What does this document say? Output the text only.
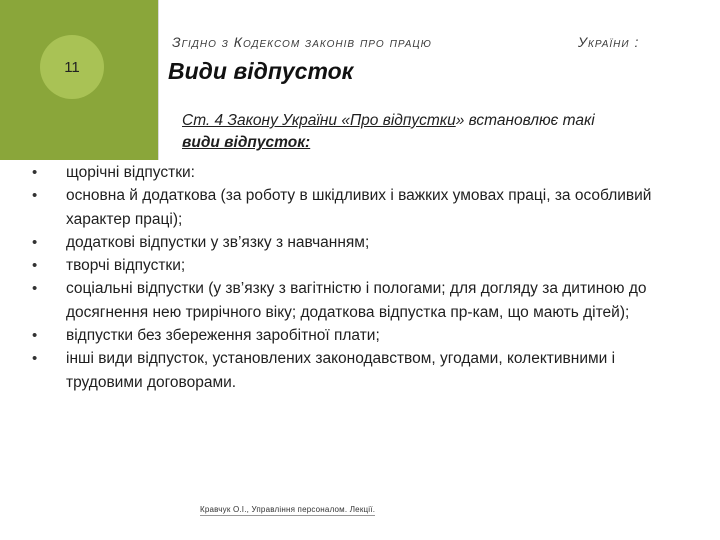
11
Згідно з Кодексом законів про працю	України :
Види відпусток
Ст. 4 Закону України «Про відпустки» встановлює такі
види відпусток:
• щорічні відпустки:
• основна й додаткова (за роботу в шкідливих і важких умовах праці, за особливий характер праці);
• додаткові відпустки у зв’язку з навчанням;
• творчі відпустки;
• соціальні відпустки (у зв’язку з вагітністю і пологами; для догляду за дитиною до досягнення нею трирічного віку; додаткова відпустка пр-кам, що мають дітей);
• відпустки без збереження заробітної плати;
• інші види відпусток, установлених законодавством, угодами, колективними і трудовими договорами.
Кравчук О.І., Управління персоналом. Лекції.
